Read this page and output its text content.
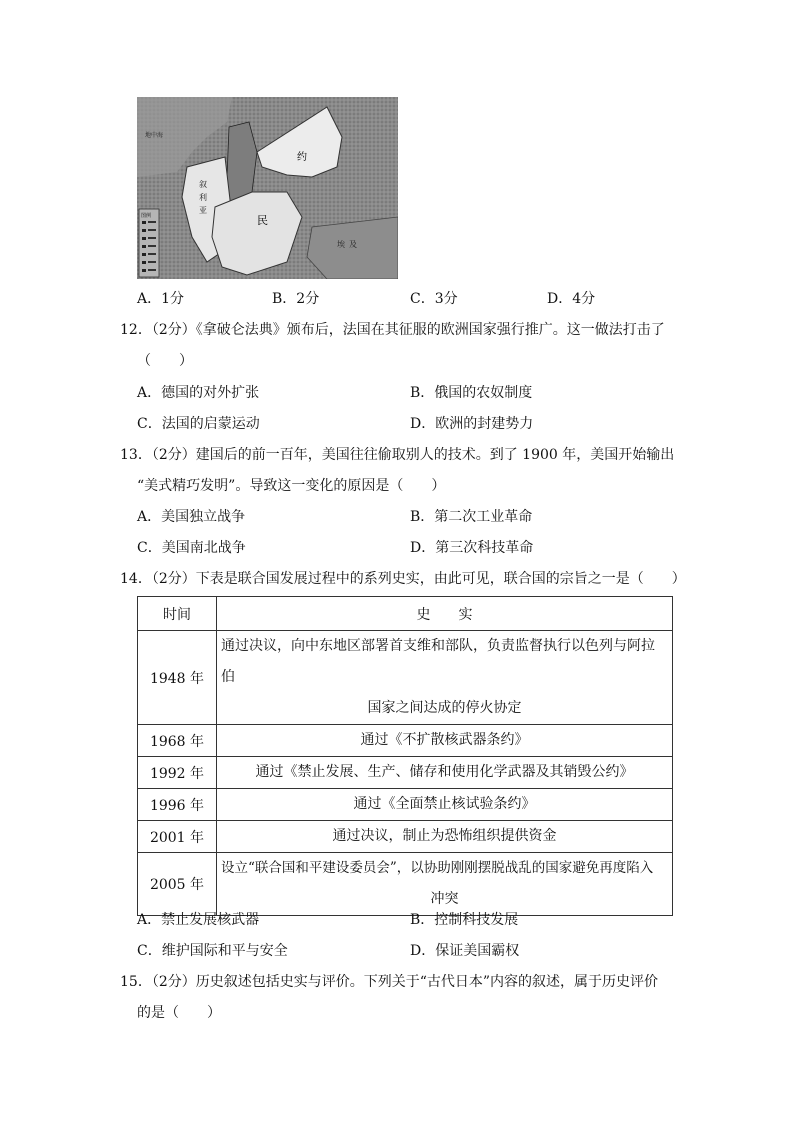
约
民
地中海
叙
利
亚
埃 及
图例
A．1分	B．2分	C．3分	D．4分
12．（2分）《拿破仑法典》颁布后，法国在其征服的欧洲国家强行推广。这一做法打击了
（　　）
A．德国的对外扩张	B．俄国的农奴制度
C．法国的启蒙运动	D．欧洲的封建势力
13．（2分）建国后的前一百年，美国往往偷取别人的技术。到了 1900 年，美国开始输出
“美式精巧发明”。导致这一变化的原因是（　　）
A．美国独立战争	B．第二次工业革命
C．美国南北战争	D．第三次科技革命
14．（2分）下表是联合国发展过程中的系列史实，由此可见，联合国的宗旨之一是（　　）
时间	史　　实
1948 年	通过决议，向中东地区部署首支维和部队，负责监督执行以色列与阿拉伯
国家之间达成的停火协定

1968 年	通过《不扩散核武器条约》
1992 年	通过《禁止发展、生产、储存和使用化学武器及其销毁公约》
1996 年	通过《全面禁止核试验条约》
2001 年	通过决议，制止为恐怖组织提供资金
2005 年	设立“联合国和平建设委员会”，以协助刚刚摆脱战乱的国家避免再度陷入
冲突
A．禁止发展核武器	B．控制科技发展
C．维护国际和平与安全	D．保证美国霸权
15．（2分）历史叙述包括史实与评价。下列关于“古代日本”内容的叙述，属于历史评价
的是（　　）
